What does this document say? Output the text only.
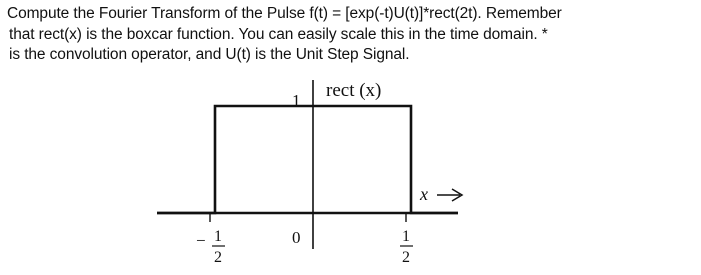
Compute the Fourier Transform of the Pulse f(t) = [exp(-t)U(t)]*rect(2t). Remember
that rect(x) is the boxcar function. You can easily scale this in the time domain. *
is the convolution operator, and U(t) is the Unit Step Signal.
rect (x)
1
x
0
− 1
2
1
2
